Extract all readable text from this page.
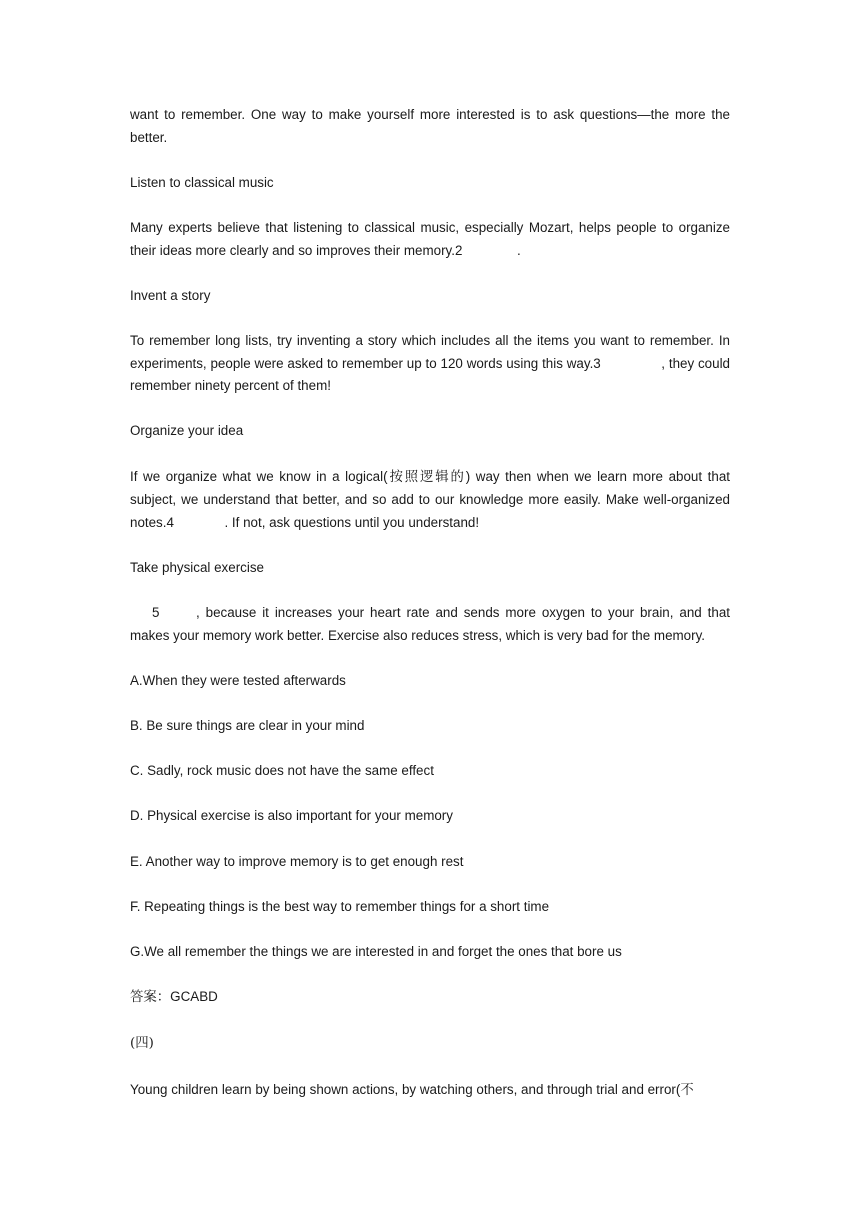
want to remember. One way to make yourself more interested is to ask questions—the more the better.

Listen to classical music

Many experts believe that listening to classical music, especially Mozart, helps people to organize their ideas more clearly and so improves their memory.2	.

Invent a story

To remember long lists, try inventing a story which includes all the items you want to remember. In experiments, people were asked to remember up to 120 words using this way.3	, they could remember ninety percent of them!

Organize your idea

If we organize what we know in a logical(按照逻辑的) way then when we learn more about that subject, we understand that better, and so add to our knowledge more easily. Make well-organized notes.4	. If not, ask questions until you understand!

Take physical exercise

5	, because it increases your heart rate and sends more oxygen to your brain, and that makes your memory work better. Exercise also reduces stress, which is very bad for the memory.

A.When they were tested afterwards

B. Be sure things are clear in your mind

C. Sadly, rock music does not have the same effect

D. Physical exercise is also important for your memory

E. Another way to improve memory is to get enough rest

F. Repeating things is the best way to remember things for a short time

G.We all remember the things we are interested in and forget the ones that bore us

答案：GCABD

(四)

Young children learn by being shown actions, by watching others, and through trial and error(不
